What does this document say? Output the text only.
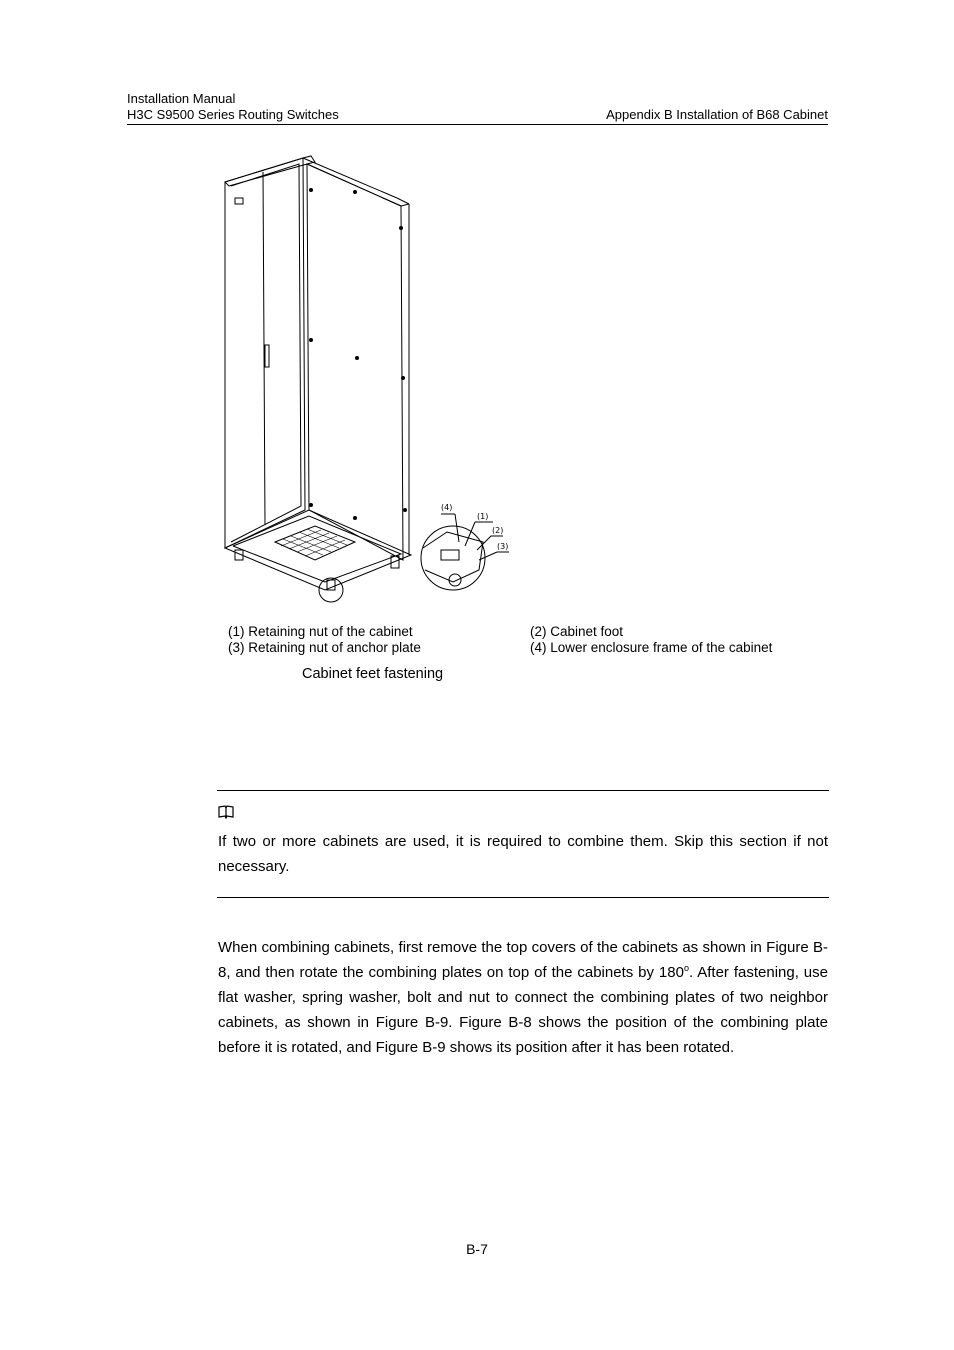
Installation Manual
H3C S9500 Series Routing Switches	Appendix B Installation of B68 Cabinet
(4)
(1)
(2)
(3)
(1) Retaining nut of the cabinet	(2) Cabinet foot
(3) Retaining nut of anchor plate	(4) Lower enclosure frame of the cabinet
Cabinet feet fastening
If two or more cabinets are used, it is required to combine them. Skip this section if not necessary.
When combining cabinets, first remove the top covers of the cabinets as shown in Figure B-8, and then rotate the combining plates on top of the cabinets by 180$^o$. After fastening, use flat washer, spring washer, bolt and nut to connect the combining plates of two neighbor cabinets, as shown in Figure B-9. Figure B-8 shows the position of the combining plate before it is rotated, and Figure B-9 shows its position after it has been rotated.
B-7
